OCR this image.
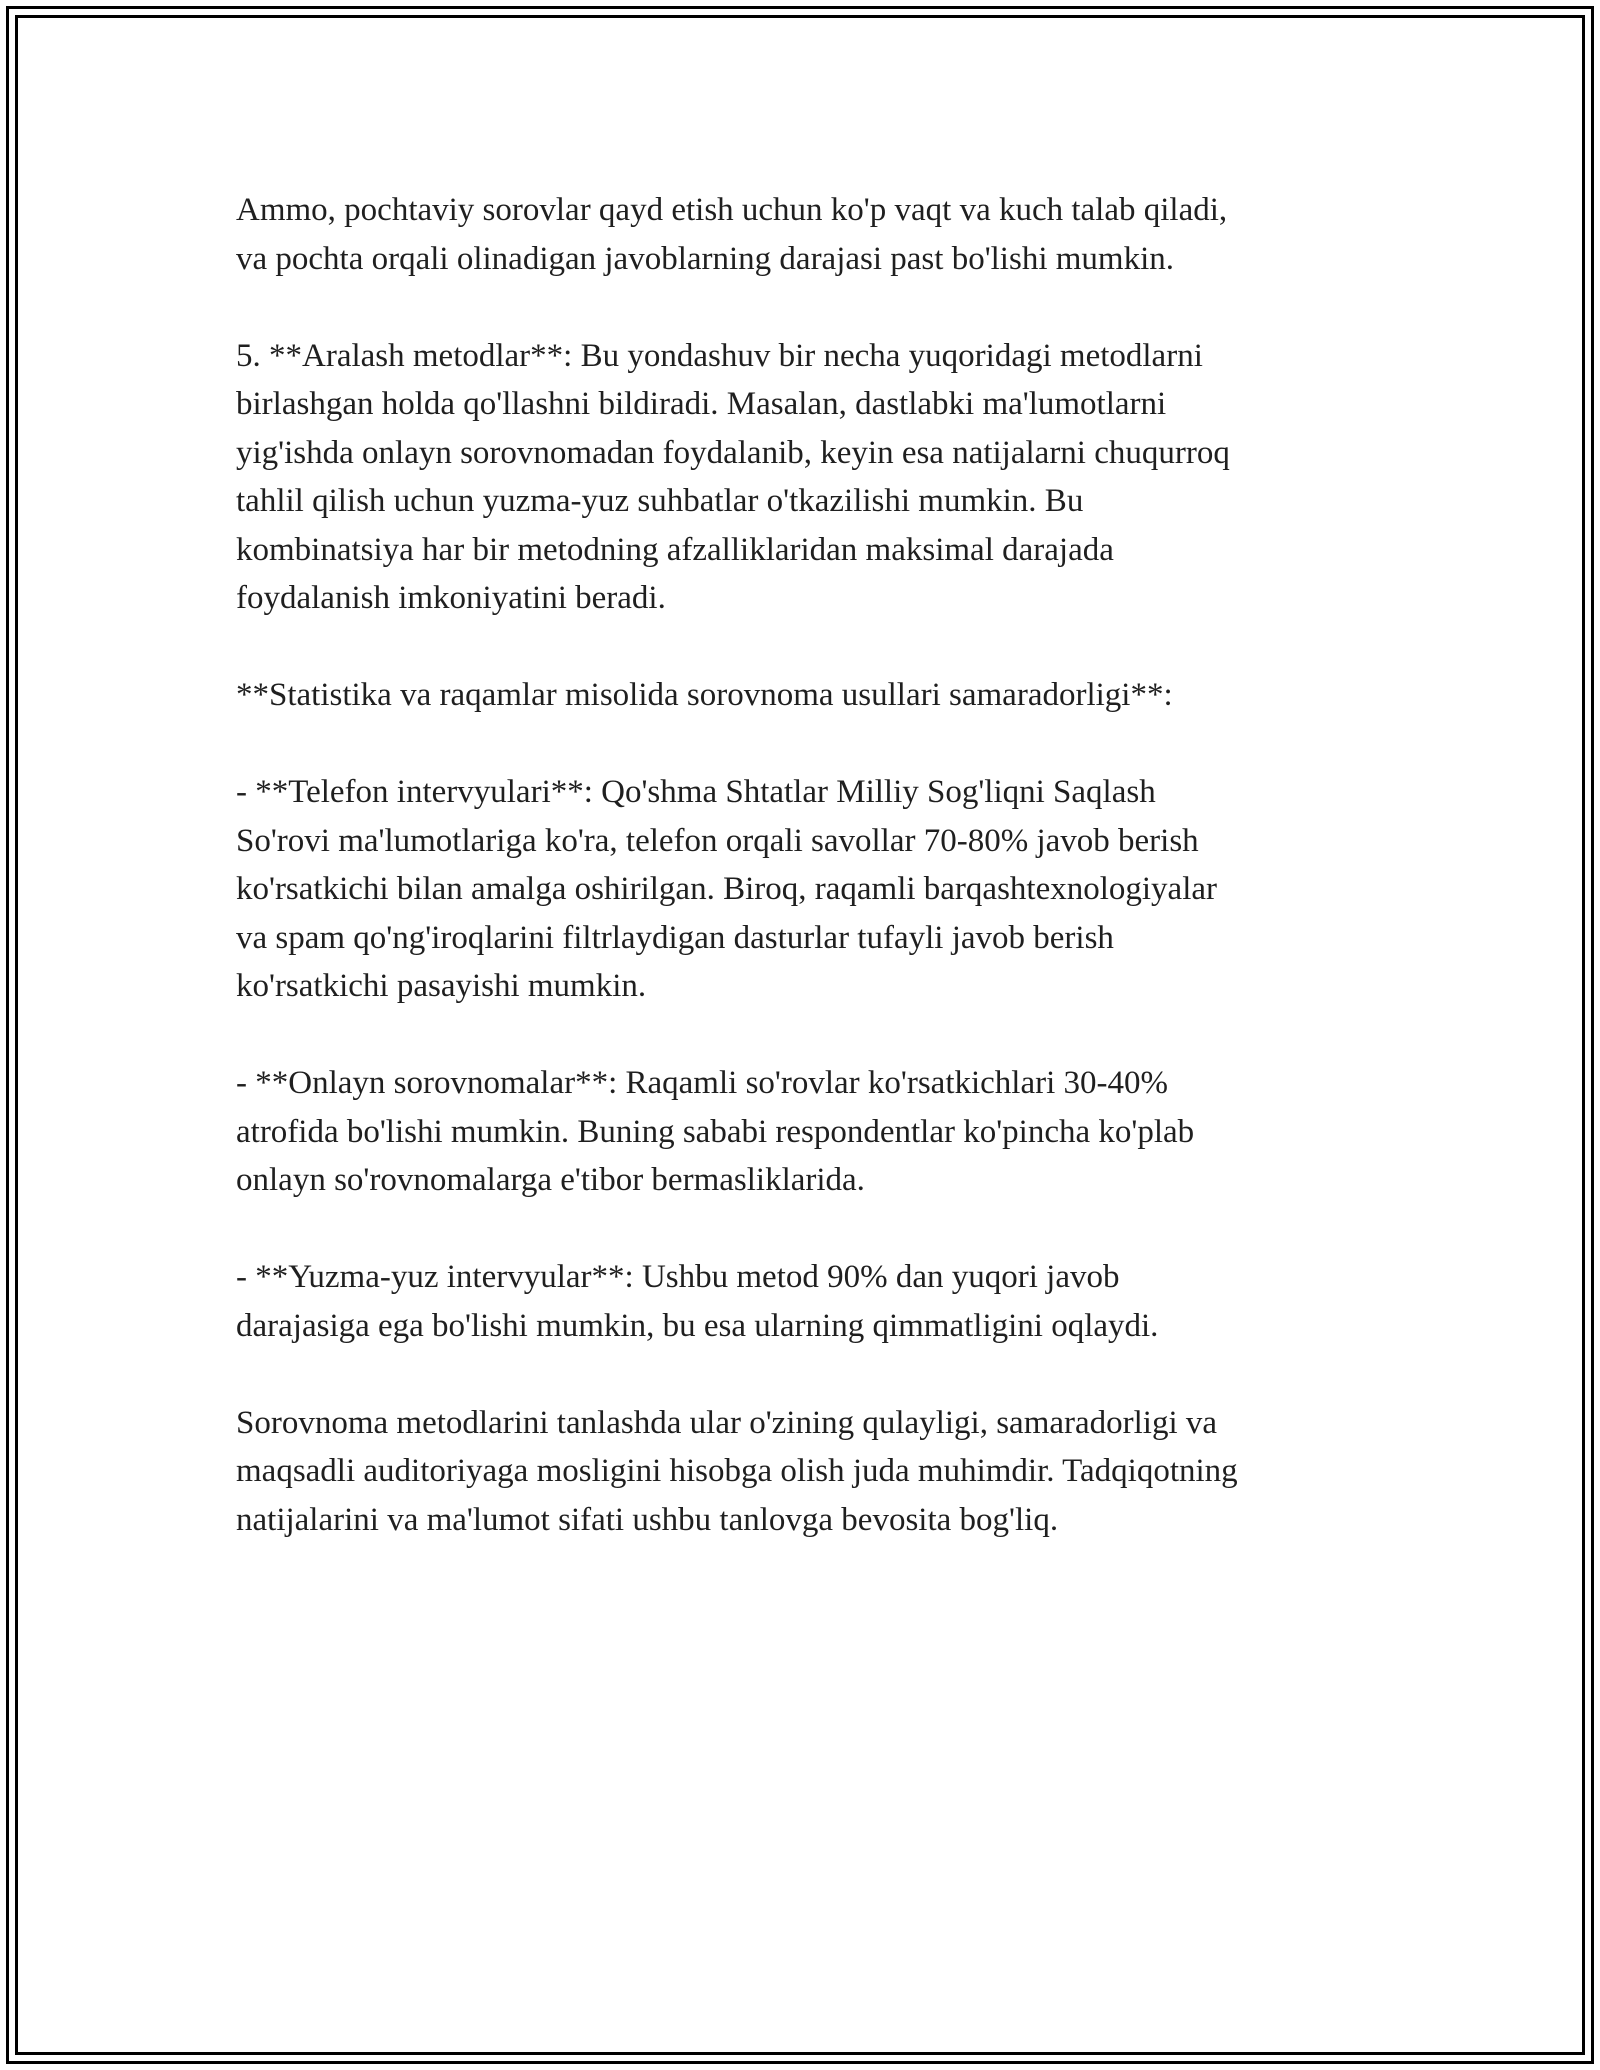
Ammo, pochtaviy sorovlar qayd etish uchun ko'p vaqt va kuch talab qiladi,
va pochta orqali olinadigan javoblarning darajasi past bo'lishi mumkin.

5. **Aralash metodlar**: Bu yondashuv bir necha yuqoridagi metodlarni
birlashgan holda qo'llashni bildiradi. Masalan, dastlabki ma'lumotlarni
yig'ishda onlayn sorovnomadan foydalanib, keyin esa natijalarni chuqurroq
tahlil qilish uchun yuzma-yuz suhbatlar o'tkazilishi mumkin. Bu
kombinatsiya har bir metodning afzalliklaridan maksimal darajada
foydalanish imkoniyatini beradi.

**Statistika va raqamlar misolida sorovnoma usullari samaradorligi**:

- **Telefon intervyulari**: Qo'shma Shtatlar Milliy Sog'liqni Saqlash
So'rovi ma'lumotlariga ko'ra, telefon orqali savollar 70-80% javob berish
ko'rsatkichi bilan amalga oshirilgan. Biroq, raqamli barqashtexnologiyalar
va spam qo'ng'iroqlarini filtrlaydigan dasturlar tufayli javob berish
ko'rsatkichi pasayishi mumkin.

- **Onlayn sorovnomalar**: Raqamli so'rovlar ko'rsatkichlari 30-40%
atrofida bo'lishi mumkin. Buning sababi respondentlar ko'pincha ko'plab
onlayn so'rovnomalarga e'tibor bermasliklarida.

- **Yuzma-yuz intervyular**: Ushbu metod 90% dan yuqori javob
darajasiga ega bo'lishi mumkin, bu esa ularning qimmatligini oqlaydi.

Sorovnoma metodlarini tanlashda ular o'zining qulayligi, samaradorligi va
maqsadli auditoriyaga mosligini hisobga olish juda muhimdir. Tadqiqotning
natijalarini va ma'lumot sifati ushbu tanlovga bevosita bog'liq.
